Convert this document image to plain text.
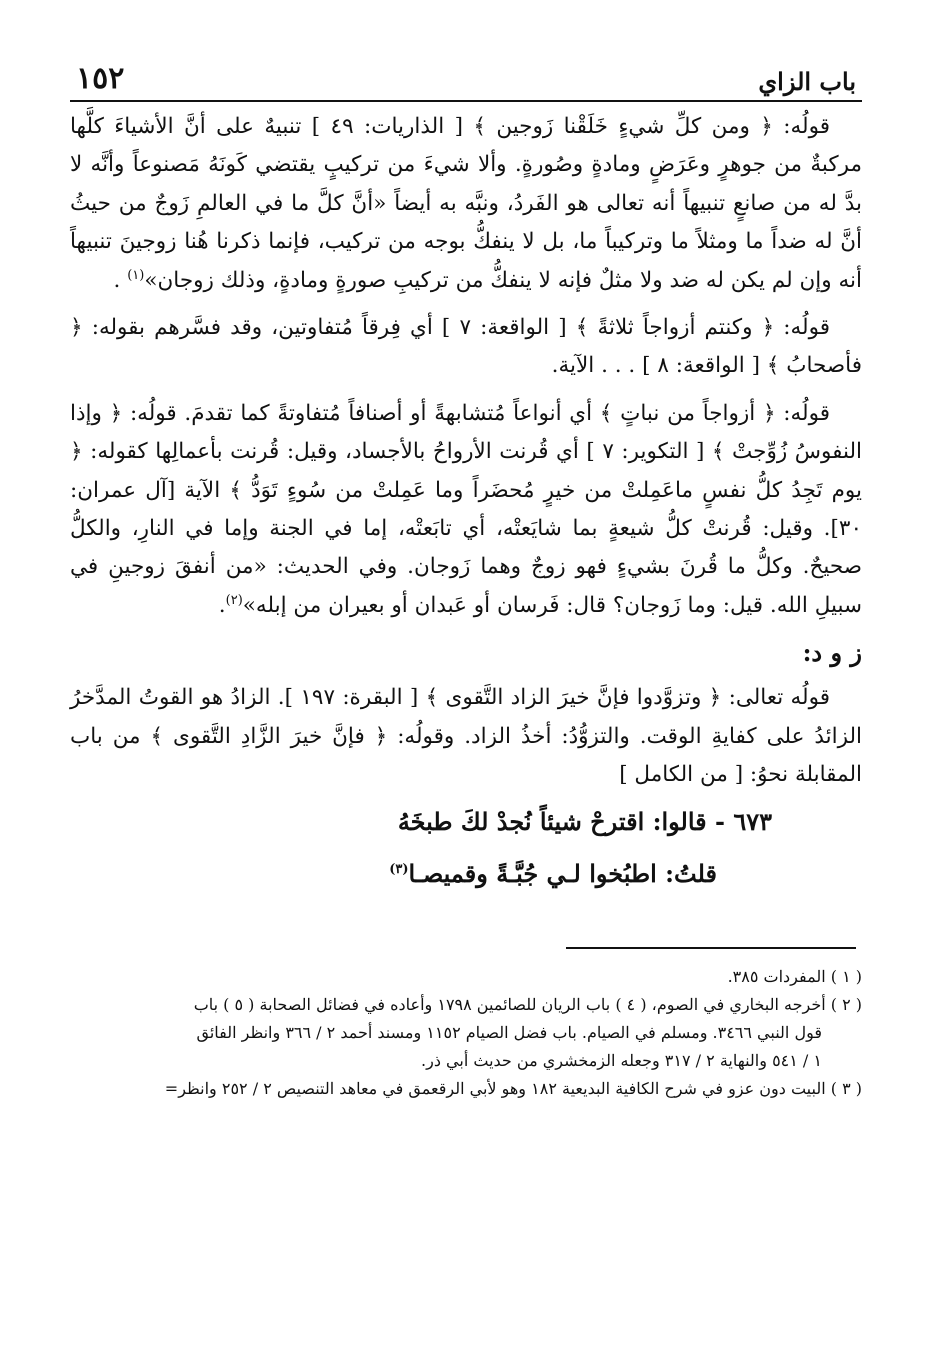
باب الزاي
١٥٢

قولُه: ﴿ ومن كلِّ شيءٍ خَلَقْنا زَوجين ﴾ [ الذاريات: ٤٩ ] تنبيهٌ على أنَّ الأشياءَ كلَّها مركبةٌ من جوهرٍ وعَرَضٍ ومادةٍ وصُورةٍ. وألا شيءَ من تركيبٍ يقتضي كَونَهُ مَصنوعاً وأنَّه لا بدَّ له من صانعٍ تنبيهاً أنه تعالى هو الفَردُ، ونبَّه به أيضاً «أنَّ كلَّ ما في العالمِ زَوجٌ من حيثُ أنَّ له ضداً ما ومثلاً ما وتركيباً ما، بل لا ينفكُّ بوجه من تركيب، فإنما ذكرنا هُنا زوجينَ تنبيهاً أنه وإن لم يكن له ضد ولا مثلٌ فإنه لا ينفكُّ من تركيبِ صورةٍ ومادةٍ، وذلك زوجان»$^{(١)}$ .

قولُه: ﴿ وكنتم أزواجاً ثلاثةً ﴾ [ الواقعة: ٧ ] أي فِرقاً مُتفاوتين، وقد فسَّرهم بقوله: ﴿ فأصحابُ ﴾ [ الواقعة: ٨ ] . . . الآية.

قولُه: ﴿ أزواجاً من نباتٍ ﴾ أي أنواعاً مُتشابهةً أو أصنافاً مُتفاوتةً كما تقدمَ. قولُه: ﴿ وإذا النفوسُ زُوِّجتْ ﴾ [ التكوير: ٧ ] أي قُرنت الأرواحُ بالأجساد، وقيل: قُرنت بأعمالِها كقوله: ﴿ يوم تَجِدُ كلُّ نفسٍ ماعَمِلتْ من خيرٍ مُحضَراً وما عَمِلتْ من سُوءٍ تَوَدُّ ﴾ الآية [آل عمران: ٣٠]. وقيل: قُرنتْ كلُّ شيعةٍ بما شايَعتْه، أي تابَعتْه، إما في الجنة وإما في النارِ، والكلُّ صحيحٌ. وكلُّ ما قُرنَ بشيءٍ فهو زوجٌ وهما زَوجان. وفي الحديث: «من أنفقَ زوجينِ في سبيلِ الله. قيل: وما زَوجان؟ قال: فَرسان أو عَبدان أو بعيران من إبله»$^{(٢)}$.

ز و د:

قولُه تعالى: ﴿ وتزوَّدوا فإنَّ خيرَ الزاد التَّقوى ﴾ [ البقرة: ١٩٧ ]. الزادُ هو القوتُ المدَّخرُ الزائدُ على كفايةِ الوقت. والتزوُّدُ: أخذُ الزاد. وقولُه: ﴿ فإنَّ خيرَ الزَّادِ التَّقوى ﴾ من باب المقابلة نحوُ: [ من الكامل ]

٦٧٣ - قالوا: اقترحْ شيئاً نُجدْ لكَ طبخَهُ
قلتُ: اطبُخوا لـي جُبَّـةً وقميصـا$^{(٣)}$

( ١ ) المفردات ٣٨٥.

( ٢ ) أخرجه البخاري في الصوم، ( ٤ ) باب الريان للصائمين ١٧٩٨ وأعاده في فضائل الصحابة ( ٥ ) باب

قول النبي ٣٤٦٦. ومسلم في الصيام. باب فضل الصيام ١١٥٢ ومسند أحمد ٢ / ٣٦٦ وانظر الفائق

١ / ٥٤١ والنهاية ٢ / ٣١٧ وجعله الزمخشري من حديث أبي ذر.

( ٣ ) البيت دون عزو في شرح الكافية البديعية ١٨٢ وهو لأبي الرقعمق في معاهد التنصيص ٢ / ٢٥٢ وانظر=
